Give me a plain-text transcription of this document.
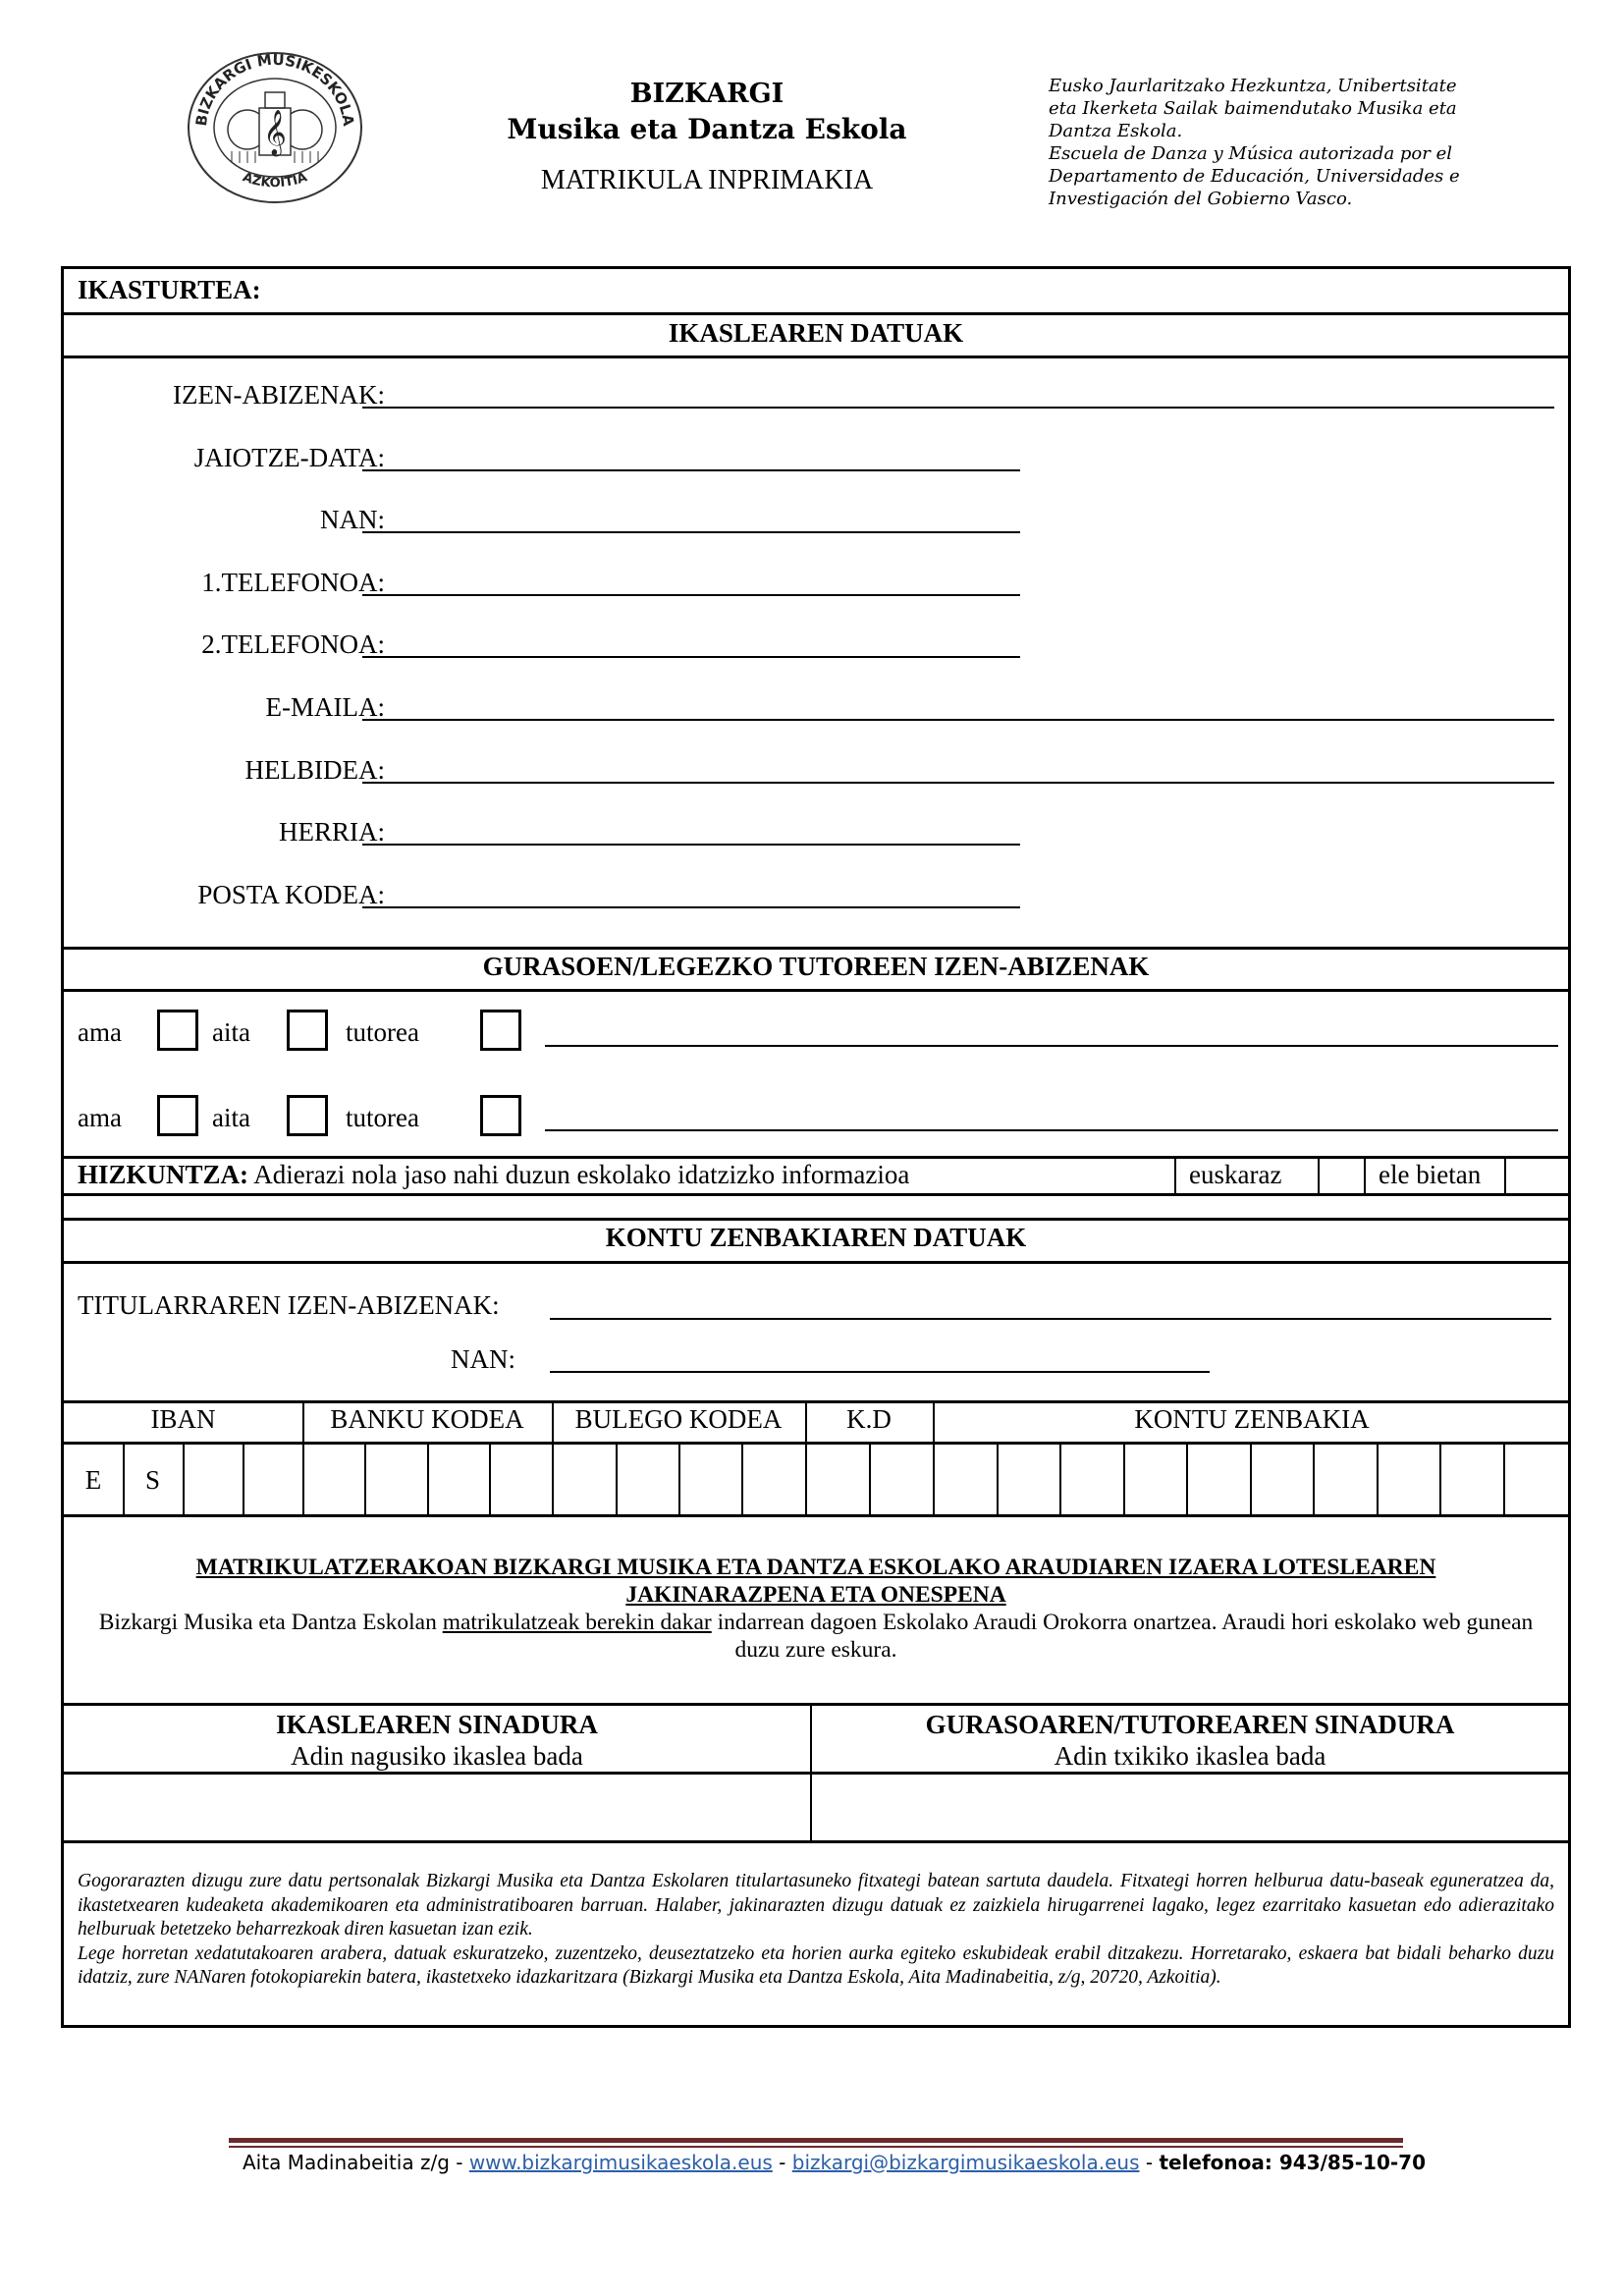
BIZKARGI MUSIKESKOLA
AZKOITIA
𝄞
BIZKARGI
Musika eta Dantza Eskola
MATRIKULA INPRIMAKIA
Eusko Jaurlaritzako Hezkuntza, Unibertsitate eta Ikerketa Sailak baimendutako Musika eta Dantza Eskola.
Escuela de Danza y Música autorizada por el Departamento de Educación, Universidades e Investigación del Gobierno Vasco.
IKASTURTEA:
IKASLEAREN DATUAK
IZEN-ABIZENAK:
JAIOTZE-DATA:
NAN:
1.TELEFONOA:
2.TELEFONOA:
E-MAILA:
HELBIDEA:
HERRIA:
POSTA KODEA:
GURASOEN/LEGEZKO TUTOREEN IZEN-ABIZENAK
ama	aita	tutorea
ama	aita	tutorea
HIZKUNTZA: Adierazi nola jaso nahi duzun eskolako idatzizko informazioa	euskaraz	ele bietan
KONTU ZENBAKIAREN DATUAK
TITULARRAREN IZEN-ABIZENAK:
NAN:
IBAN	BANKU KODEA	BULEGO KODEA	K.D	KONTU ZENBAKIA
E	S
MATRIKULATZERAKOAN BIZKARGI MUSIKA ETA DANTZA ESKOLAKO ARAUDIAREN IZAERA LOTESLEAREN
JAKINARAZPENA ETA ONESPENA
Bizkargi Musika eta Dantza Eskolan matrikulatzeak berekin dakar indarrean dagoen Eskolako Araudi Orokorra onartzea. Araudi hori eskolako web gunean duzu zure eskura.
IKASLEAREN SINADURA
Adin nagusiko ikaslea bada
GURASOAREN/TUTOREAREN SINADURA
Adin txikiko ikaslea bada
Gogorarazten dizugu zure datu pertsonalak Bizkargi Musika eta Dantza Eskolaren titulartasuneko fitxategi batean sartuta daudela. Fitxategi horren helburua datu-baseak eguneratzea da, ikastetxearen kudeaketa akademikoaren eta administratiboaren barruan. Halaber, jakinarazten dizugu datuak ez zaizkiela hirugarrenei lagako, legez ezarritako kasuetan edo adierazitako helburuak betetzeko beharrezkoak diren kasuetan izan ezik.
Lege horretan xedatutakoaren arabera, datuak eskuratzeko, zuzentzeko, deuseztatzeko eta horien aurka egiteko eskubideak erabil ditzakezu. Horretarako, eskaera bat bidali beharko duzu idatziz, zure NANaren fotokopiarekin batera, ikastetxeko idazkaritzara (Bizkargi Musika eta Dantza Eskola, Aita Madinabeitia, z/g, 20720, Azkoitia).
Aita Madinabeitia z/g - www.bizkargimusikaeskola.eus - bizkargi@bizkargimusikaeskola.eus - telefonoa: 943/85-10-70
